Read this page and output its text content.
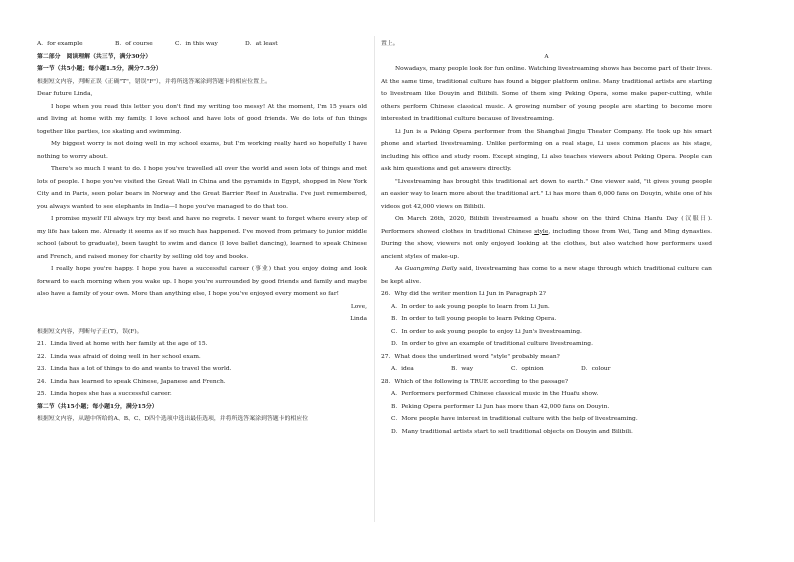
A．for example	B．of course	C．in this way	D．at least

第二部分　阅读理解（共三节，满分30分）

第一节（共5小题；每小题1.5分，满分7.5分）

根据短文内容，判断正误（正确"T"，错误"F"），并将所选答案涂到答题卡的相应位置上。

Dear future Linda,

I hope when you read this letter you don't find my writing too messy! At the moment, I'm 15 years old and living at home with my family. I love school and have lots of good friends. We do lots of fun things together like parties, ice skating and swimming.

My biggest worry is not doing well in my school exams, but I'm working really hard so hopefully I have nothing to worry about.

There's so much I want to do. I hope you've travelled all over the world and seen lots of things and met lots of people. I hope you've visited the Great Wall in China and the pyramids in Egypt, shopped in New York City and in Paris, seen polar bears in Norway and the Great Barrier Reef in Australia. I've just remembered, you always wanted to see elephants in India—I hope you've managed to do that too.

I promise myself I'll always try my best and have no regrets. I never want to forget where every step of my life has taken me. Already it seems as if so much has happened. I've moved from primary to junior middle school (about to graduate), been taught to swim and dance (I love ballet dancing), learned to speak Chinese and French, and raised money for charity by selling old toy and books.

I really hope you're happy. I hope you have a successful career (事业) that you enjoy doing and look forward to each morning when you wake up. I hope you're surrounded by good friends and family and maybe also have a family of your own. More than anything else, I hope you've enjoyed every moment so far!

Love,

Linda

根据短文内容，判断句子正(T)，误(F)。

21．Linda lived at home with her family at the age of 15.

22．Linda was afraid of doing well in her school exam.

23．Linda has a lot of things to do and wants to travel the world.

24．Linda has learned to speak Chinese, Japanese and French.

25．Linda hopes she has a successful career.

第二节（共15小题；每小题1分，满分15分）

根据短文内容，从题中所给的A、B、C、D四个选项中选出最佳选项，并将所选答案涂到答题卡的相应位

置上。

A

Nowadays, many people look for fun online. Watching livestreaming shows has become part of their lives. At the same time, traditional culture has found a bigger platform online. Many traditional artists are starting to livestream like Douyin and Bilibili. Some of them sing Peking Opera, some make paper-cutting, while others perform Chinese classical music. A growing number of young people are starting to become more interested in traditional culture because of livestreaming.

Li Jun is a Peking Opera performer from the Shanghai Jingju Theater Company. He took up his smart phone and started livestreaming. Unlike performing on a real stage, Li uses common places as his stage, including his office and study room. Except singing, Li also teaches viewers about Peking Opera. People can ask him questions and get answers directly.

"Livestreaming has brought this traditional art down to earth." One viewer said, "it gives young people an easier way to learn more about the traditional art." Li has more than 6,000 fans on Douyin, while one of his videos got 42,000 views on Bilibili.

On March 26th, 2020, Bilibili livestreamed a huafu show on the third China Hanfu Day (汉服日). Performers showed clothes in traditional Chinese style, including those from Wei, Tang and Ming dynasties. During the show, viewers not only enjoyed looking at the clothes, but also watched how performers used ancient styles of make-up.

As Guangming Daily said, livestreaming has come to a new stage through which traditional culture can be kept alive.

26．Why did the writer mention Li Jun in Paragraph 2?

A．In order to ask young people to learn from Li Jun.

B．In order to tell young people to learn Peking Opera.

C．In order to ask young people to enjoy Li Jun's livestreaming.

D．In order to give an example of traditional culture livestreaming.

27．What does the underlined word "style" probably mean?

A．idea	B．way	C．opinion	D．colour

28．Which of the following is TRUE according to the passage?

A．Performers performed Chinese classical music in the Huafu show.

B．Peking Opera performer Li Jun has more than 42,000 fans on Douyin.

C．More people have interest in traditional culture with the help of livestreaming.

D．Many traditional artists start to sell traditional objects on Douyin and Bilibili.
